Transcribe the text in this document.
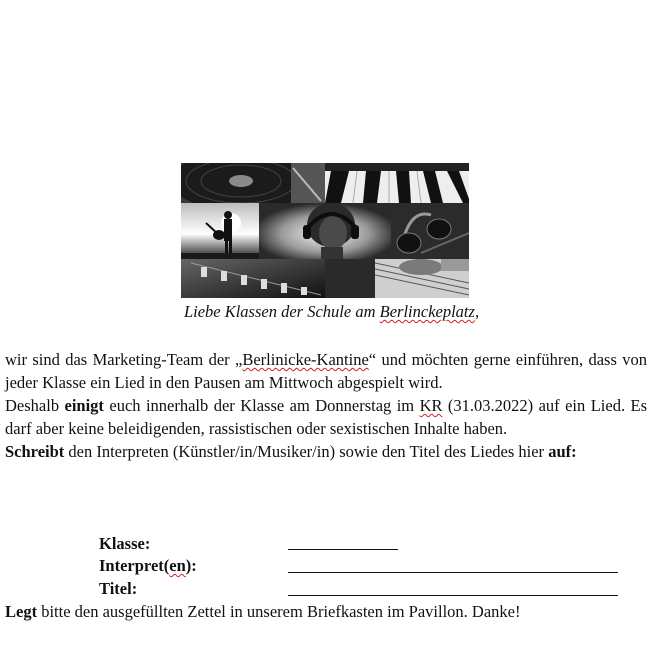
Liebe Klassen der Schule am Berlinckeplatz,

wir sind das Marketing-Team der „Berlinicke-Kantine“ und möchten gerne einführen, dass von jeder Klasse ein Lied in den Pausen am Mittwoch abgespielt wird.

Deshalb einigt euch innerhalb der Klasse am Donnerstag im KR (31.03.2022) auf ein Lied. Es darf aber keine beleidigenden, rassistischen oder sexistischen Inhalte haben.

Schreibt den Interpreten (Künstler/in/Musiker/in) sowie den Titel des Liedes hier auf:

Klasse:
Interpret(en):
Titel:
Legt bitte den ausgefüllten Zettel in unserem Briefkasten im Pavillon. Danke!
